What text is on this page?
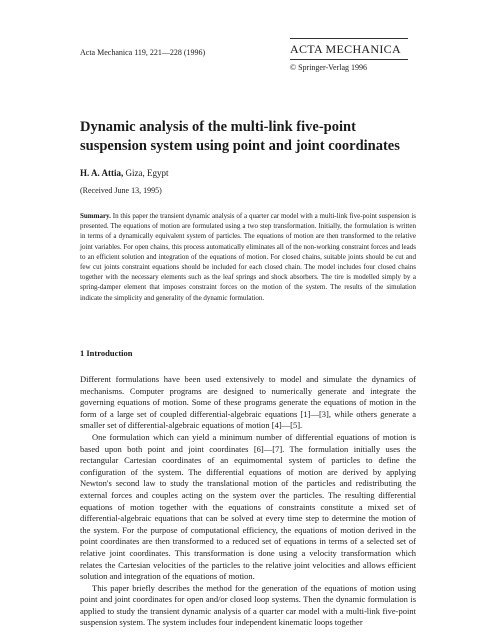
Acta Mechanica 119, 221—228 (1996)	ACTA MECHANICA
© Springer-Verlag 1996
Dynamic analysis of the multi-link five-point suspension system using point and joint coordinates
H. A. Attia, Giza, Egypt
(Received June 13, 1995)

Summary. In this paper the transient dynamic analysis of a quarter car model with a multi-link five-point suspension is presented. The equations of motion are formulated using a two step transformation. Initially, the formulation is written in terms of a dynamically equivalent system of particles. The equations of motion are then transformed to the relative joint variables. For open chains, this process automatically eliminates all of the non-working constraint forces and leads to an efficient solution and integration of the equations of motion. For closed chains, suitable joints should be cut and few cut joints constraint equations should be included for each closed chain. The model includes four closed chains together with the necessary elements such as the leaf springs and shock absorbers. The tire is modelled simply by a spring-damper element that imposes constraint forces on the motion of the system. The results of the simulation indicate the simplicity and generality of the dynamic formulation.

1 Introduction

Different formulations have been used extensively to model and simulate the dynamics of mechanisms. Computer programs are designed to numerically generate and integrate the governing equations of motion. Some of these programs generate the equations of motion in the form of a large set of coupled differential-algebraic equations [1]—[3], while others generate a smaller set of differential-algebraic equations of motion [4]—[5].

One formulation which can yield a minimum number of differential equations of motion is based upon both point and joint coordinates [6]—[7]. The formulation initially uses the rectangular Cartesian coordinates of an equimomental system of particles to define the configuration of the system. The differential equations of motion are derived by applying Newton's second law to study the translational motion of the particles and redistributing the external forces and couples acting on the system over the particles. The resulting differential equations of motion together with the equations of constraints constitute a mixed set of differential-algebraic equations that can be solved at every time step to determine the motion of the system. For the purpose of computational efficiency, the equations of motion derived in the point coordinates are then transformed to a reduced set of equations in terms of a selected set of relative joint coordinates. This transformation is done using a velocity transformation which relates the Cartesian velocities of the particles to the relative joint velocities and allows efficient solution and integration of the equations of motion.

This paper briefly describes the method for the generation of the equations of motion using point and joint coordinates for open and/or closed loop systems. Then the dynamic formulation is applied to study the transient dynamic analysis of a quarter car model with a multi-link five-point suspension system. The system includes four independent kinematic loops together
